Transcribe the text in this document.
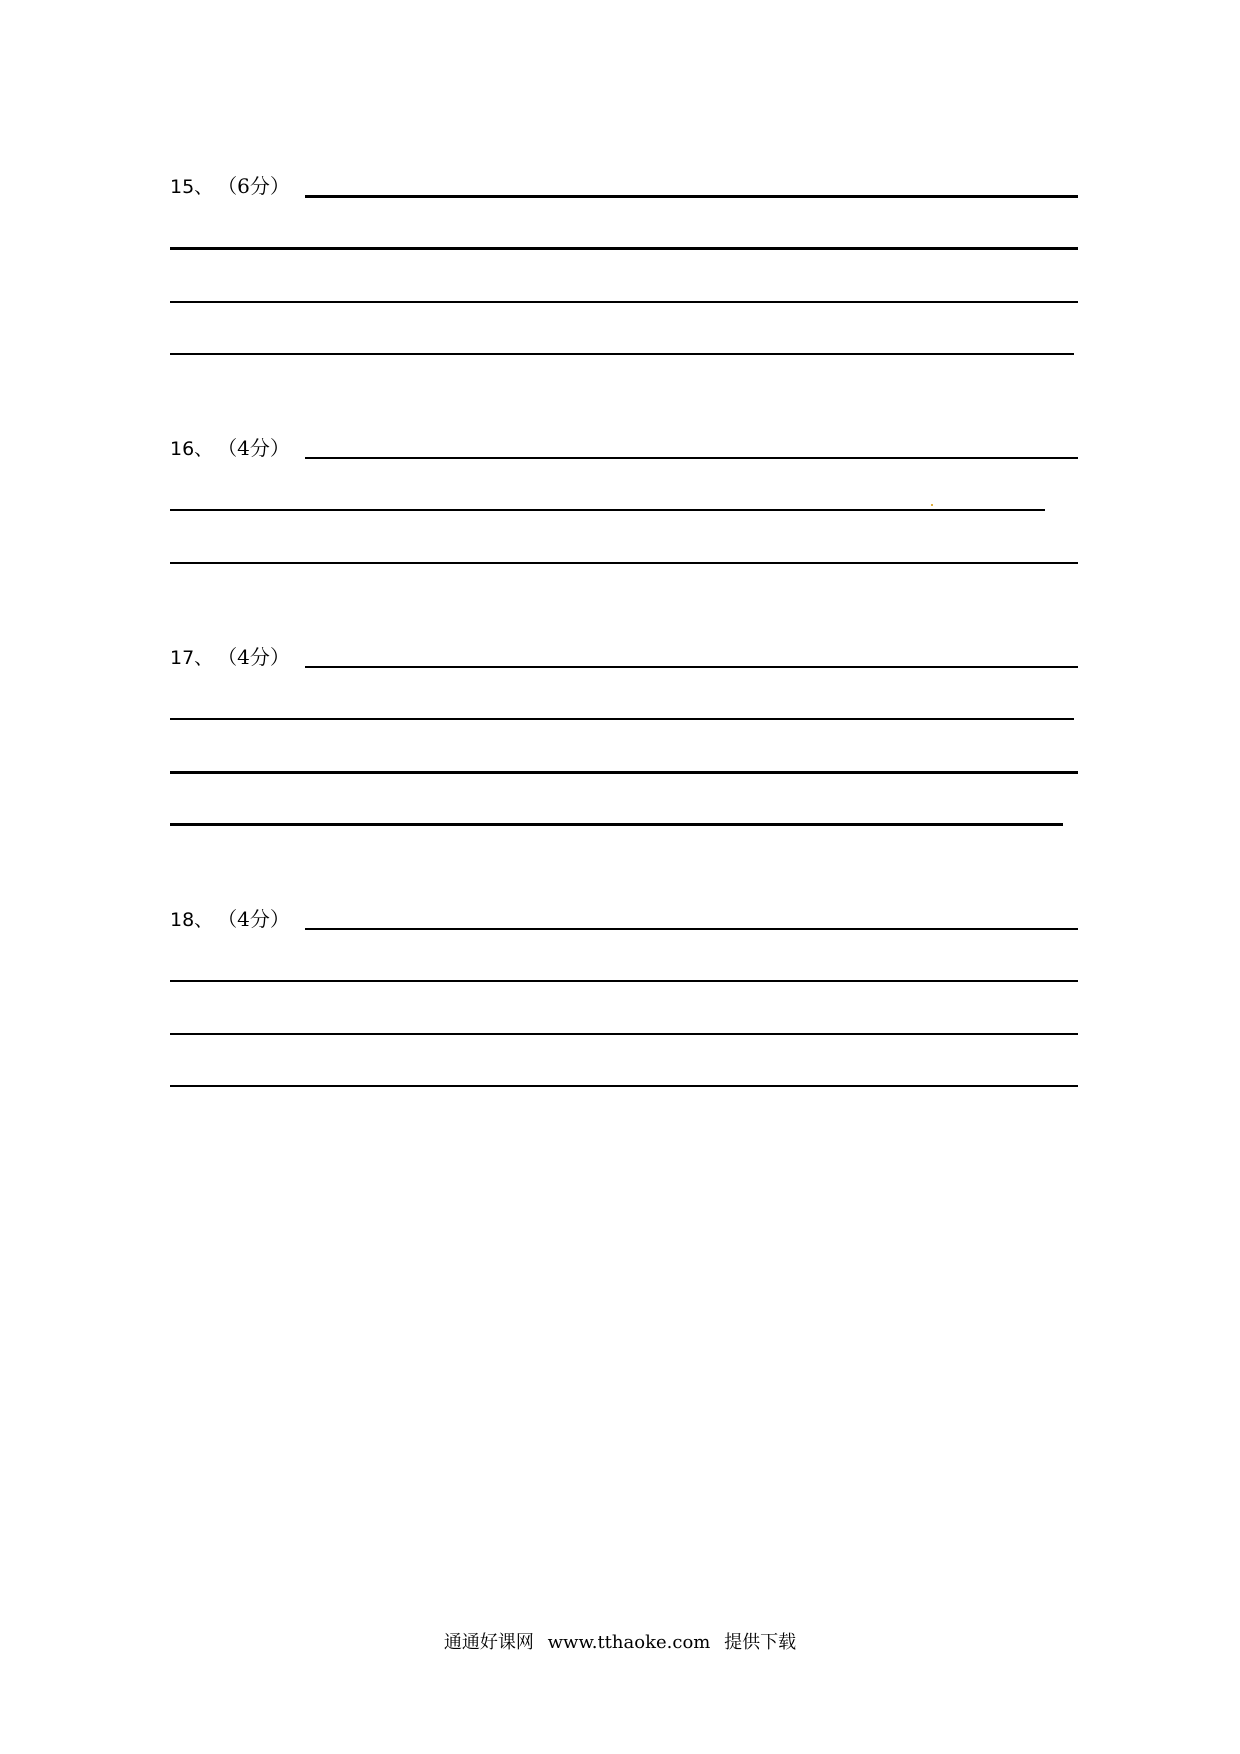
15、 （6分）
16、 （4分）
17、 （4分）
18、 （4分）
通通好课网 www.tthaoke.com 提供下载
